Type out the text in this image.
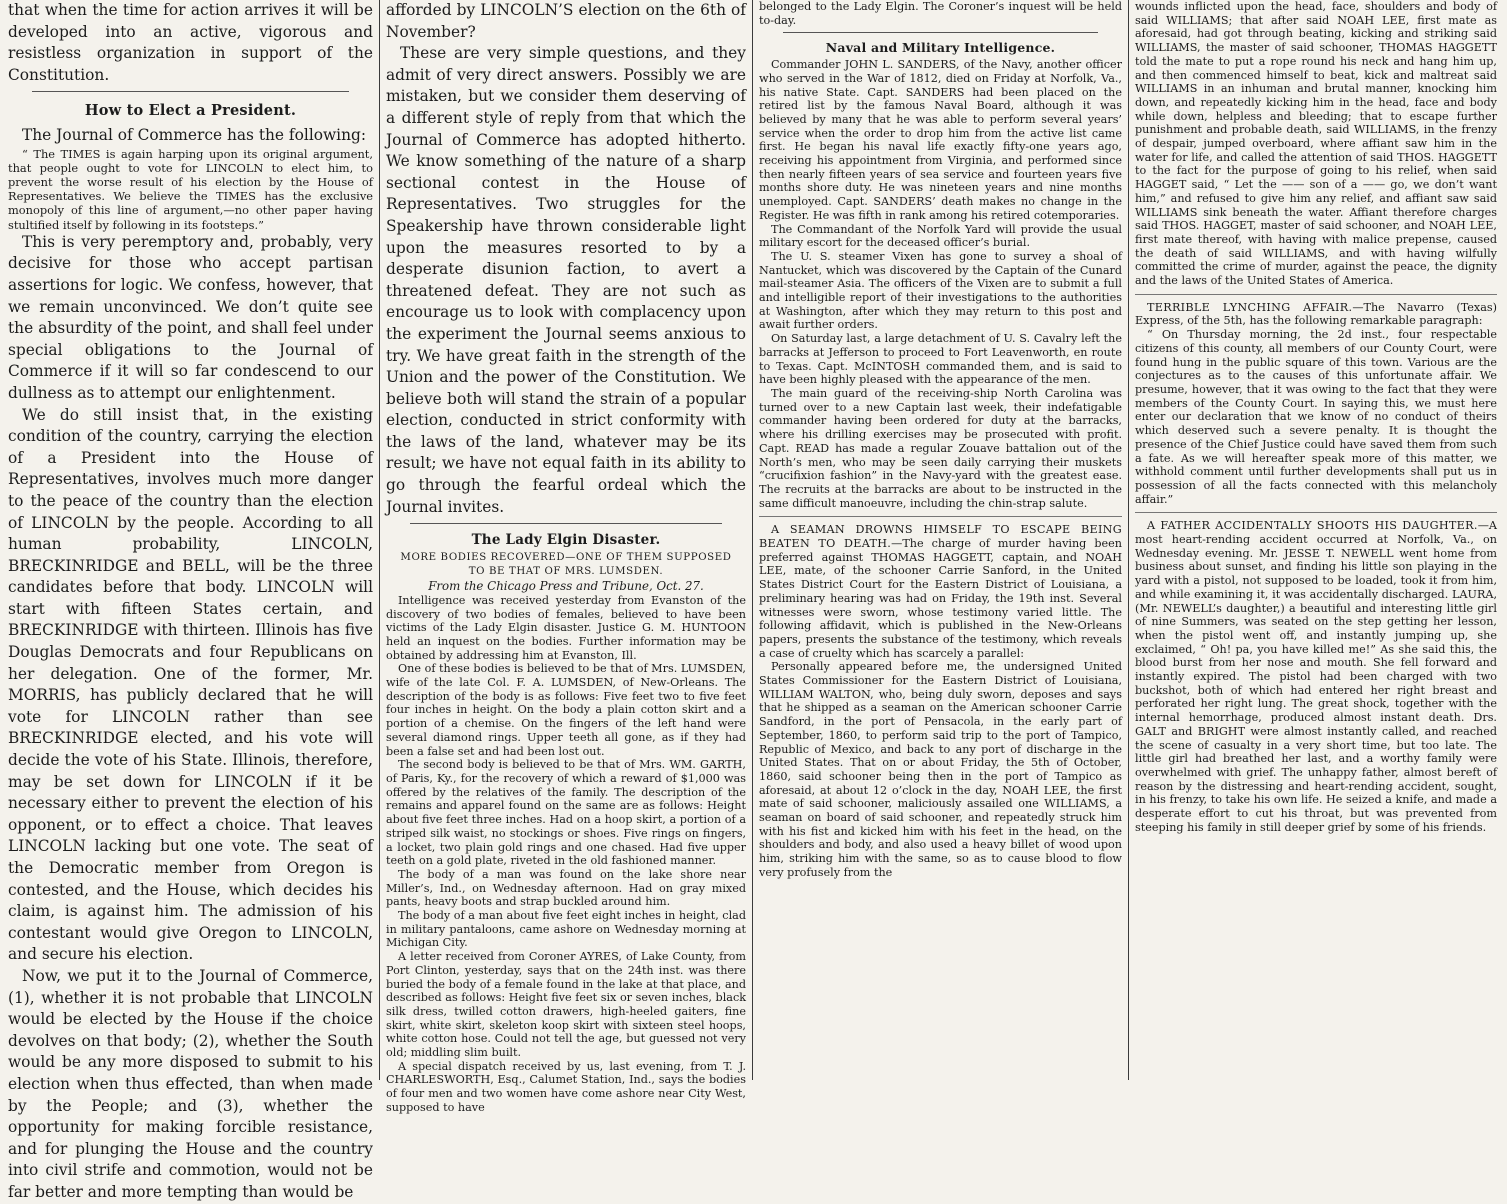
that when the time for action arrives it will be developed into an active, vigorous and resistless organization in support of the Constitution.

How to Elect a President.

The Journal of Commerce has the following:

“ The TIMES is again harping upon its original argument, that people ought to vote for LINCOLN to elect him, to prevent the worse result of his election by the House of Representatives. We believe the TIMES has the exclusive monopoly of this line of argument,—no other paper having stultified itself by following in its footsteps.”

This is very peremptory and, probably, very decisive for those who accept partisan assertions for logic. We confess, however, that we remain unconvinced. We don’t quite see the absurdity of the point, and shall feel under special obligations to the Journal of Commerce if it will so far condescend to our dullness as to attempt our enlightenment.

We do still insist that, in the existing condition of the country, carrying the election of a President into the House of Representatives, involves much more danger to the peace of the country than the election of LINCOLN by the people. According to all human probability, LINCOLN, BRECKINRIDGE and BELL, will be the three candidates before that body. LINCOLN will start with fifteen States certain, and BRECKINRIDGE with thirteen. Illinois has five Douglas Democrats and four Republicans on her delegation. One of the former, Mr. MORRIS, has publicly declared that he will vote for LINCOLN rather than see BRECKINRIDGE elected, and his vote will decide the vote of his State. Illinois, therefore, may be set down for LINCOLN if it be necessary either to prevent the election of his opponent, or to effect a choice. That leaves LINCOLN lacking but one vote. The seat of the Democratic member from Oregon is contested, and the House, which decides his claim, is against him. The admission of his contestant would give Oregon to LINCOLN, and secure his election.

Now, we put it to the Journal of Commerce, (1), whether it is not probable that LINCOLN would be elected by the House if the choice devolves on that body; (2), whether the South would be any more disposed to submit to his election when thus effected, than when made by the People; and (3), whether the opportunity for making forcible resistance, and for plunging the House and the country into civil strife and commotion, would not be far better and more tempting than would be

afforded by LINCOLN’S election on the 6th of November?

These are very simple questions, and they admit of very direct answers. Possibly we are mistaken, but we consider them deserving of a different style of reply from that which the Journal of Commerce has adopted hitherto. We know something of the nature of a sharp sectional contest in the House of Representatives. Two struggles for the Speakership have thrown considerable light upon the measures resorted to by a desperate disunion faction, to avert a threatened defeat. They are not such as encourage us to look with complacency upon the experiment the Journal seems anxious to try. We have great faith in the strength of the Union and the power of the Constitution. We believe both will stand the strain of a popular election, conducted in strict conformity with the laws of the land, whatever may be its result; we have not equal faith in its ability to go through the fearful ordeal which the Journal invites.

The Lady Elgin Disaster.
MORE BODIES RECOVERED—ONE OF THEM SUPPOSED
TO BE THAT OF MRS. LUMSDEN.
From the Chicago Press and Tribune, Oct. 27.

Intelligence was received yesterday from Evanston of the discovery of two bodies of females, believed to have been victims of the Lady Elgin disaster. Justice G. M. HUNTOON held an inquest on the bodies. Further information may be obtained by addressing him at Evanston, Ill.

One of these bodies is believed to be that of Mrs. LUMSDEN, wife of the late Col. F. A. LUMSDEN, of New-Orleans. The description of the body is as follows: Five feet two to five feet four inches in height. On the body a plain cotton skirt and a portion of a chemise. On the fingers of the left hand were several diamond rings. Upper teeth all gone, as if they had been a false set and had been lost out.

The second body is believed to be that of Mrs. WM. GARTH, of Paris, Ky., for the recovery of which a reward of $1,000 was offered by the relatives of the family. The description of the remains and apparel found on the same are as follows: Height about five feet three inches. Had on a hoop skirt, a portion of a striped silk waist, no stockings or shoes. Five rings on fingers, a locket, two plain gold rings and one chased. Had five upper teeth on a gold plate, riveted in the old fashioned manner.

The body of a man was found on the lake shore near Miller’s, Ind., on Wednesday afternoon. Had on gray mixed pants, heavy boots and strap buckled around him.

The body of a man about five feet eight inches in height, clad in military pantaloons, came ashore on Wednesday morning at Michigan City.

A letter received from Coroner AYRES, of Lake County, from Port Clinton, yesterday, says that on the 24th inst. was there buried the body of a female found in the lake at that place, and described as follows: Height five feet six or seven inches, black silk dress, twilled cotton drawers, high-heeled gaiters, fine skirt, white skirt, skeleton koop skirt with sixteen steel hoops, white cotton hose. Could not tell the age, but guessed not very old; middling slim built.

A special dispatch received by us, last evening, from T. J. CHARLESWORTH, Esq., Calumet Station, Ind., says the bodies of four men and two women have come ashore near City West, supposed to have

belonged to the Lady Elgin. The Coroner’s inquest will be held to-day.

Naval and Military Intelligence.

Commander JOHN L. SANDERS, of the Navy, another officer who served in the War of 1812, died on Friday at Norfolk, Va., his native State. Capt. SANDERS had been placed on the retired list by the famous Naval Board, although it was believed by many that he was able to perform several years’ service when the order to drop him from the active list came first. He began his naval life exactly fifty-one years ago, receiving his appointment from Virginia, and performed since then nearly fifteen years of sea service and fourteen years five months shore duty. He was nineteen years and nine months unemployed. Capt. SANDERS’ death makes no change in the Register. He was fifth in rank among his retired cotemporaries.

The Commandant of the Norfolk Yard will provide the usual military escort for the deceased officer’s burial.

The U. S. steamer Vixen has gone to survey a shoal of Nantucket, which was discovered by the Captain of the Cunard mail-steamer Asia. The officers of the Vixen are to submit a full and intelligible report of their investigations to the authorities at Washington, after which they may return to this post and await further orders.

On Saturday last, a large detachment of U. S. Cavalry left the barracks at Jefferson to proceed to Fort Leavenworth, en route to Texas. Capt. McINTOSH commanded them, and is said to have been highly pleased with the appearance of the men.

The main guard of the receiving-ship North Carolina was turned over to a new Captain last week, their indefatigable commander having been ordered for duty at the barracks, where his drilling exercises may be prosecuted with profit. Capt. READ has made a regular Zouave battalion out of the North’s men, who may be seen daily carrying their muskets “crucifixion fashion” in the Navy-yard with the greatest ease. The recruits at the barracks are about to be instructed in the same difficult manoeuvre, including the chin-strap salute.

A SEAMAN DROWNS HIMSELF TO ESCAPE BEING BEATEN TO DEATH.—The charge of murder having been preferred against THOMAS HAGGETT, captain, and NOAH LEE, mate, of the schooner Carrie Sanford, in the United States District Court for the Eastern District of Louisiana, a preliminary hearing was had on Friday, the 19th inst. Several witnesses were sworn, whose testimony varied little. The following affidavit, which is published in the New-Orleans papers, presents the substance of the testimony, which reveals a case of cruelty which has scarcely a parallel:

Personally appeared before me, the undersigned United States Commissioner for the Eastern District of Louisiana, WILLIAM WALTON, who, being duly sworn, deposes and says that he shipped as a seaman on the American schooner Carrie Sandford, in the port of Pensacola, in the early part of September, 1860, to perform said trip to the port of Tampico, Republic of Mexico, and back to any port of discharge in the United States. That on or about Friday, the 5th of October, 1860, said schooner being then in the port of Tampico as aforesaid, at about 12 o’clock in the day, NOAH LEE, the first mate of said schooner, maliciously assailed one WILLIAMS, a seaman on board of said schooner, and repeatedly struck him with his fist and kicked him with his feet in the head, on the shoulders and body, and also used a heavy billet of wood upon him, striking him with the same, so as to cause blood to flow very profusely from the

wounds inflicted upon the head, face, shoulders and body of said WILLIAMS; that after said NOAH LEE, first mate as aforesaid, had got through beating, kicking and striking said WILLIAMS, the master of said schooner, THOMAS HAGGETT told the mate to put a rope round his neck and hang him up, and then commenced himself to beat, kick and maltreat said WILLIAMS in an inhuman and brutal manner, knocking him down, and repeatedly kicking him in the head, face and body while down, helpless and bleeding; that to escape further punishment and probable death, said WILLIAMS, in the frenzy of despair, jumped overboard, where affiant saw him in the water for life, and called the attention of said THOS. HAGGETT to the fact for the purpose of going to his relief, when said HAGGET said, “ Let the —— son of a —— go, we don’t want him,” and refused to give him any relief, and affiant saw said WILLIAMS sink beneath the water. Affiant therefore charges said THOS. HAGGET, master of said schooner, and NOAH LEE, first mate thereof, with having with malice prepense, caused the death of said WILLIAMS, and with having wilfully committed the crime of murder, against the peace, the dignity and the laws of the United States of America.

TERRIBLE LYNCHING AFFAIR.—The Navarro (Texas) Express, of the 5th, has the following remarkable paragraph:

“ On Thursday morning, the 2d inst., four respectable citizens of this county, all members of our County Court, were found hung in the public square of this town. Various are the conjectures as to the causes of this unfortunate affair. We presume, however, that it was owing to the fact that they were members of the County Court. In saying this, we must here enter our declaration that we know of no conduct of theirs which deserved such a severe penalty. It is thought the presence of the Chief Justice could have saved them from such a fate. As we will hereafter speak more of this matter, we withhold comment until further developments shall put us in possession of all the facts connected with this melancholy affair.”

A FATHER ACCIDENTALLY SHOOTS HIS DAUGHTER.—A most heart-rending accident occurred at Norfolk, Va., on Wednesday evening. Mr. JESSE T. NEWELL went home from business about sunset, and finding his little son playing in the yard with a pistol, not supposed to be loaded, took it from him, and while examining it, it was accidentally discharged. LAURA, (Mr. NEWELL’s daughter,) a beautiful and interesting little girl of nine Summers, was seated on the step getting her lesson, when the pistol went off, and instantly jumping up, she exclaimed, “ Oh! pa, you have killed me!” As she said this, the blood burst from her nose and mouth. She fell forward and instantly expired. The pistol had been charged with two buckshot, both of which had entered her right breast and perforated her right lung. The great shock, together with the internal hemorrhage, produced almost instant death. Drs. GALT and BRIGHT were almost instantly called, and reached the scene of casualty in a very short time, but too late. The little girl had breathed her last, and a worthy family were overwhelmed with grief. The unhappy father, almost bereft of reason by the distressing and heart-rending accident, sought, in his frenzy, to take his own life. He seized a knife, and made a desperate effort to cut his throat, but was prevented from steeping his family in still deeper grief by some of his friends.
